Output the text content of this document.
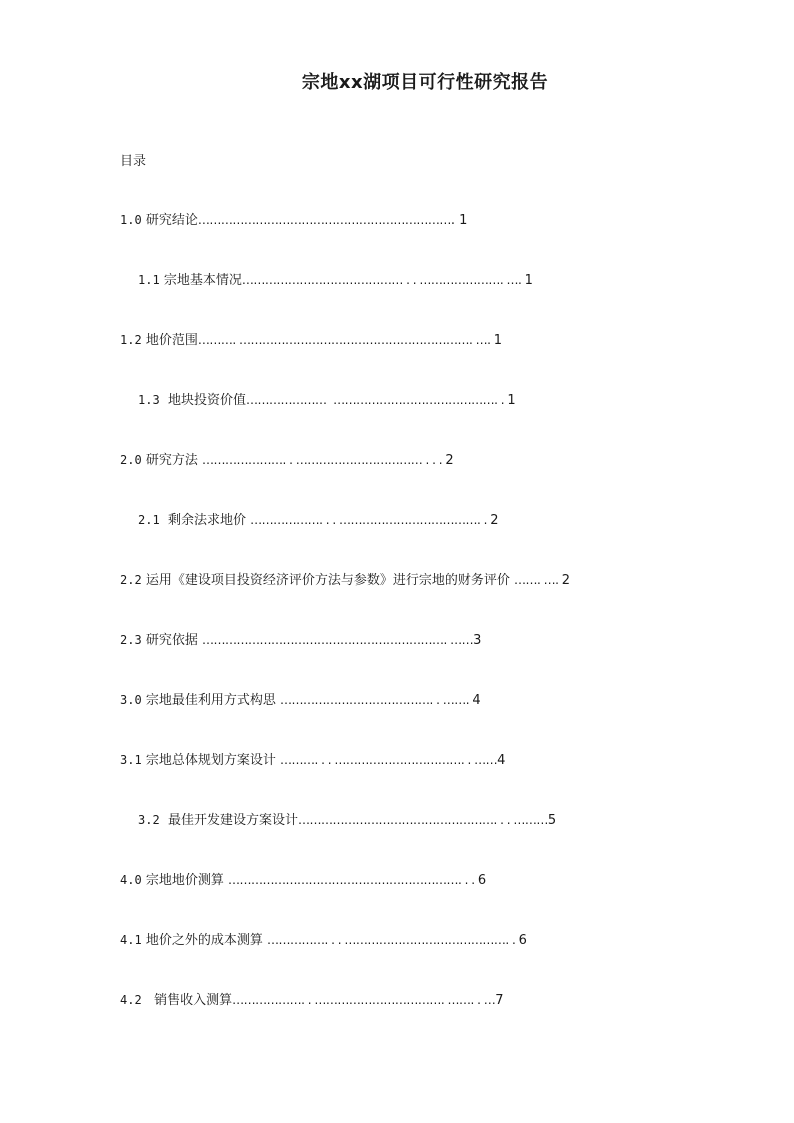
宗地xx湖项目可行性研究报告
目录
1.0 研究结论…………………………………………………………. 1
1.1 宗地基本情况…………………………………… . . …………………. …. 1
1.2 地价范围………. ……………………………………………………. …. 1
1.3  地块投资价值…………………  ……………………………………. . 1
2.0 研究方法 …………………. . …………………………… . . . 2
2.1  剩余法求地价 ………………. . . ………………………………. . 2
2.2 运用《建设项目投资经济评价方法与参数》进行宗地的财务评价 ……. …. 2
2.3 研究依据 ………………………………………………………. ……3
3.0 宗地最佳利用方式构思 …………………………………. . ……. 4
3.1 宗地总体规划方案设计 ………. . . ……………………………. . ……4
3.2  最佳开发建设方案设计……………………………………………. . . ………5
4.0 宗地地价测算 ……………………………………………………. . . 6
4.1 地价之外的成本测算 ……………. . . ……………………………………. . 6
4.2   销售收入测算………………. . ……………………………. ……. . …7
